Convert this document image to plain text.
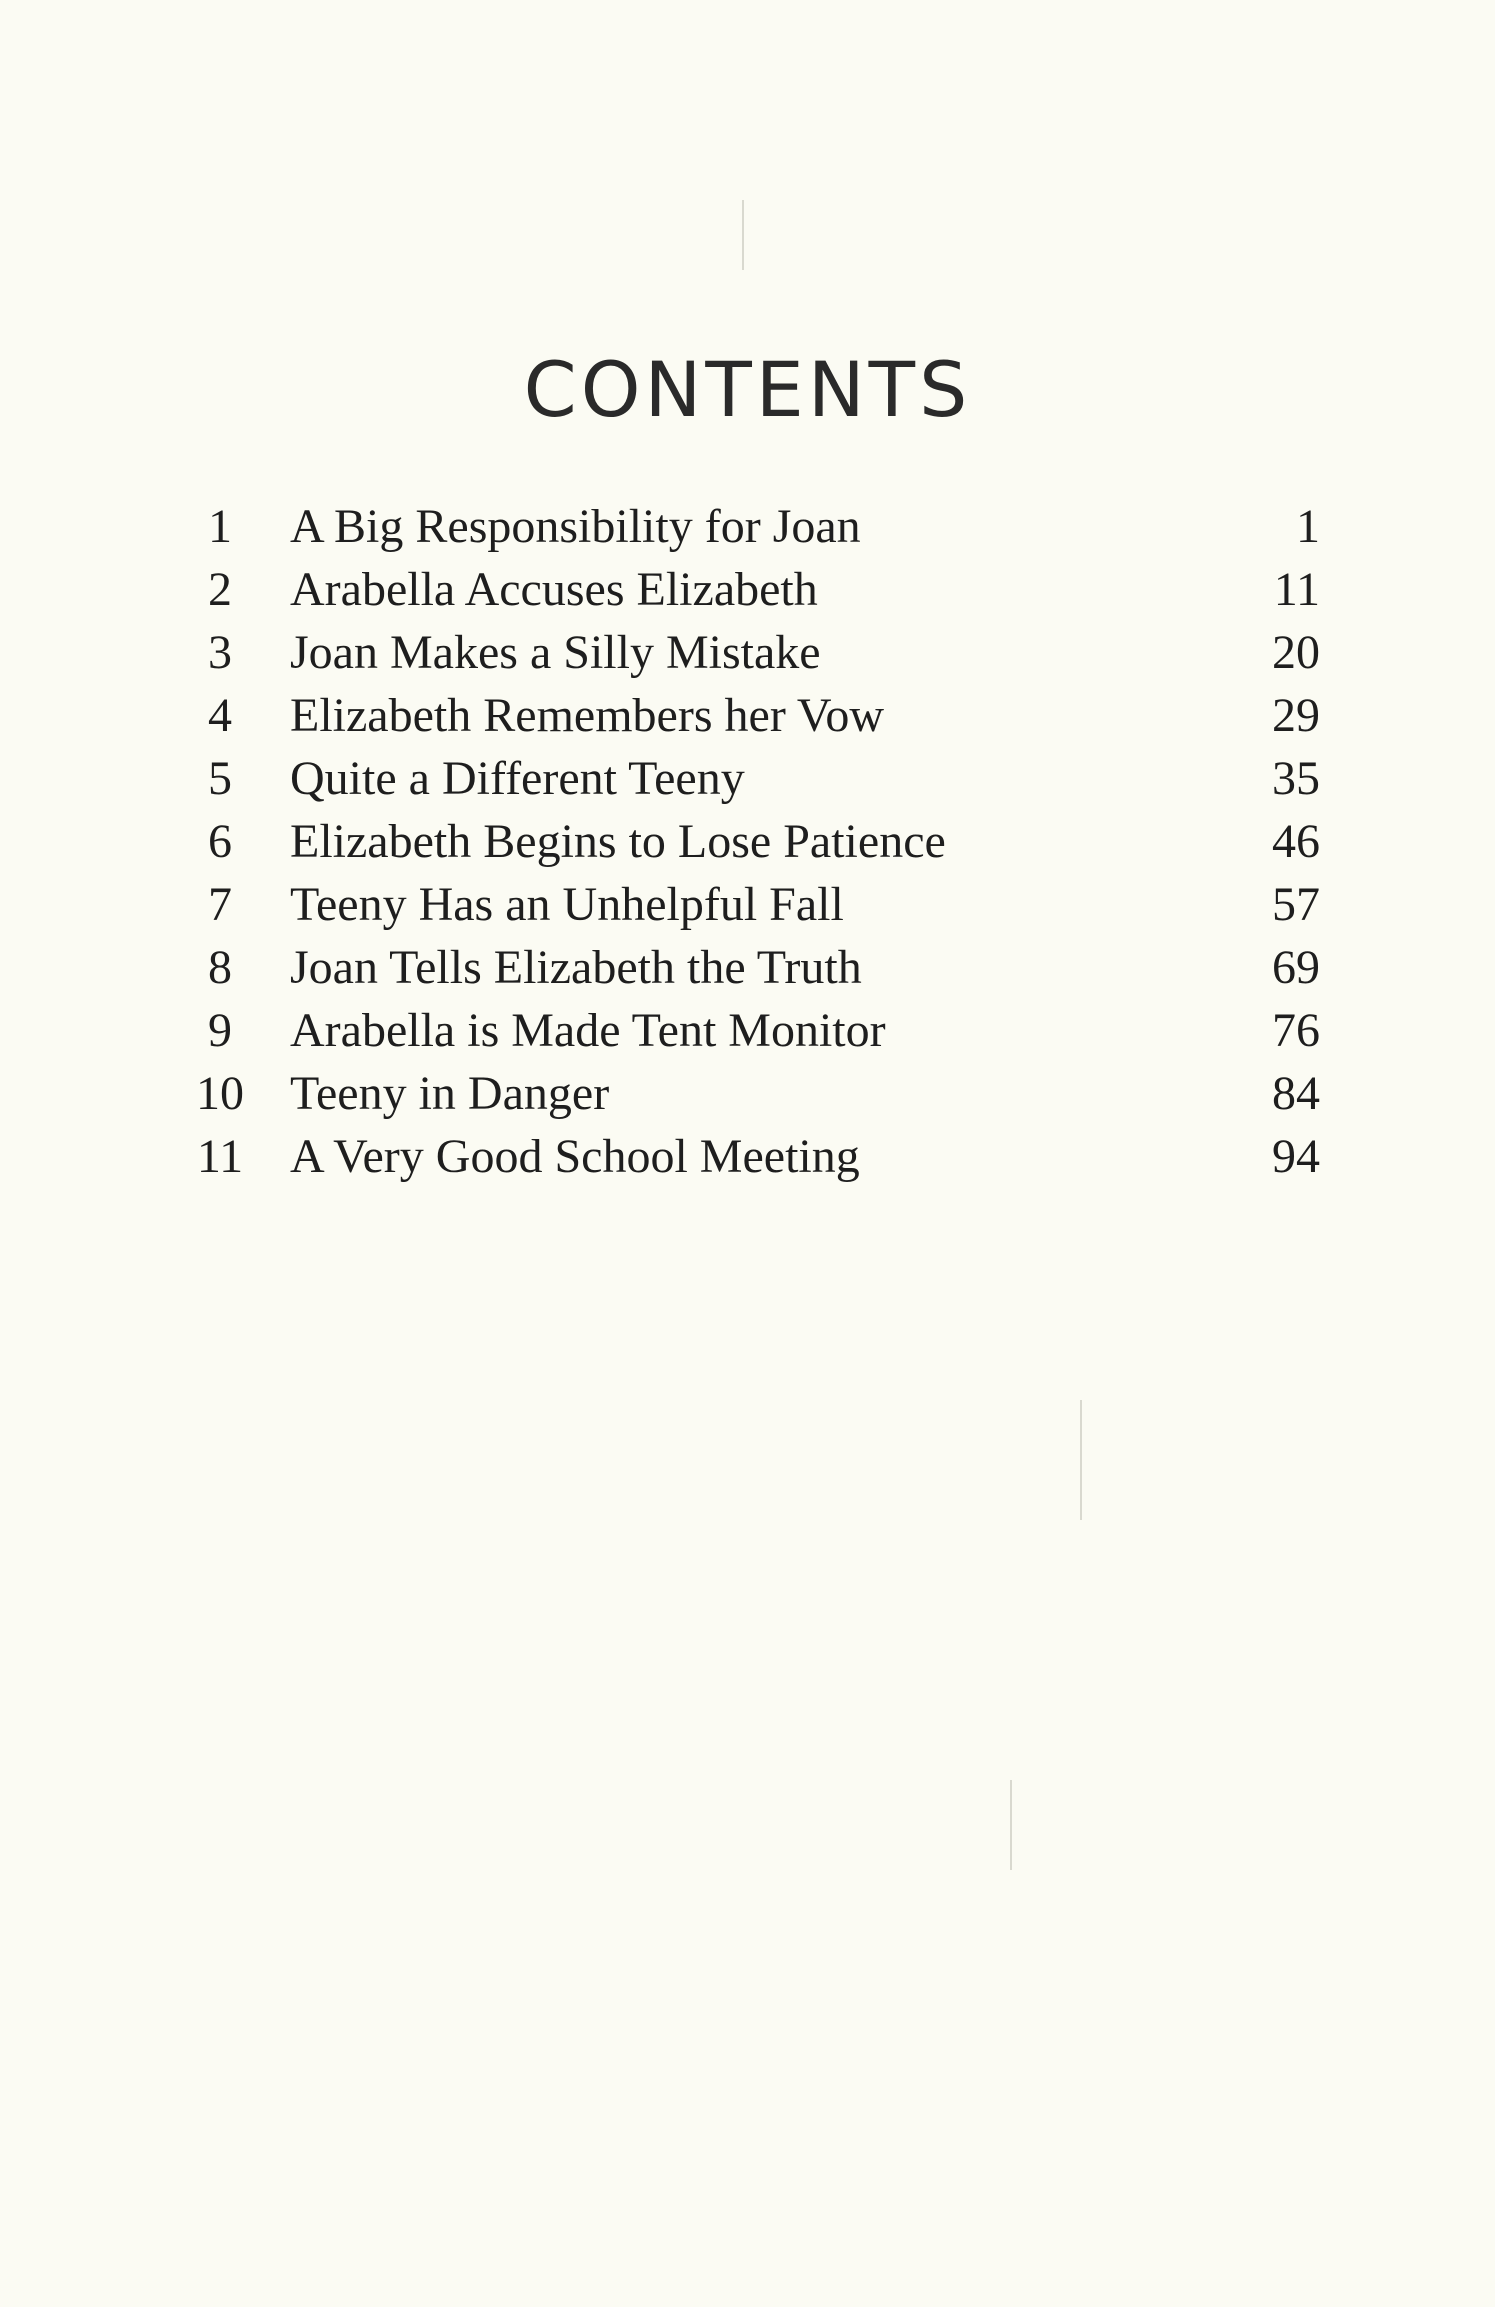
CONTENTS
1	A Big Responsibility for Joan	1
2	Arabella Accuses Elizabeth	11
3	Joan Makes a Silly Mistake	20
4	Elizabeth Remembers her Vow	29
5	Quite a Different Teeny	35
6	Elizabeth Begins to Lose Patience	46
7	Teeny Has an Unhelpful Fall	57
8	Joan Tells Elizabeth the Truth	69
9	Arabella is Made Tent Monitor	76
10 Teeny in Danger	84
11 A Very Good School Meeting	94
